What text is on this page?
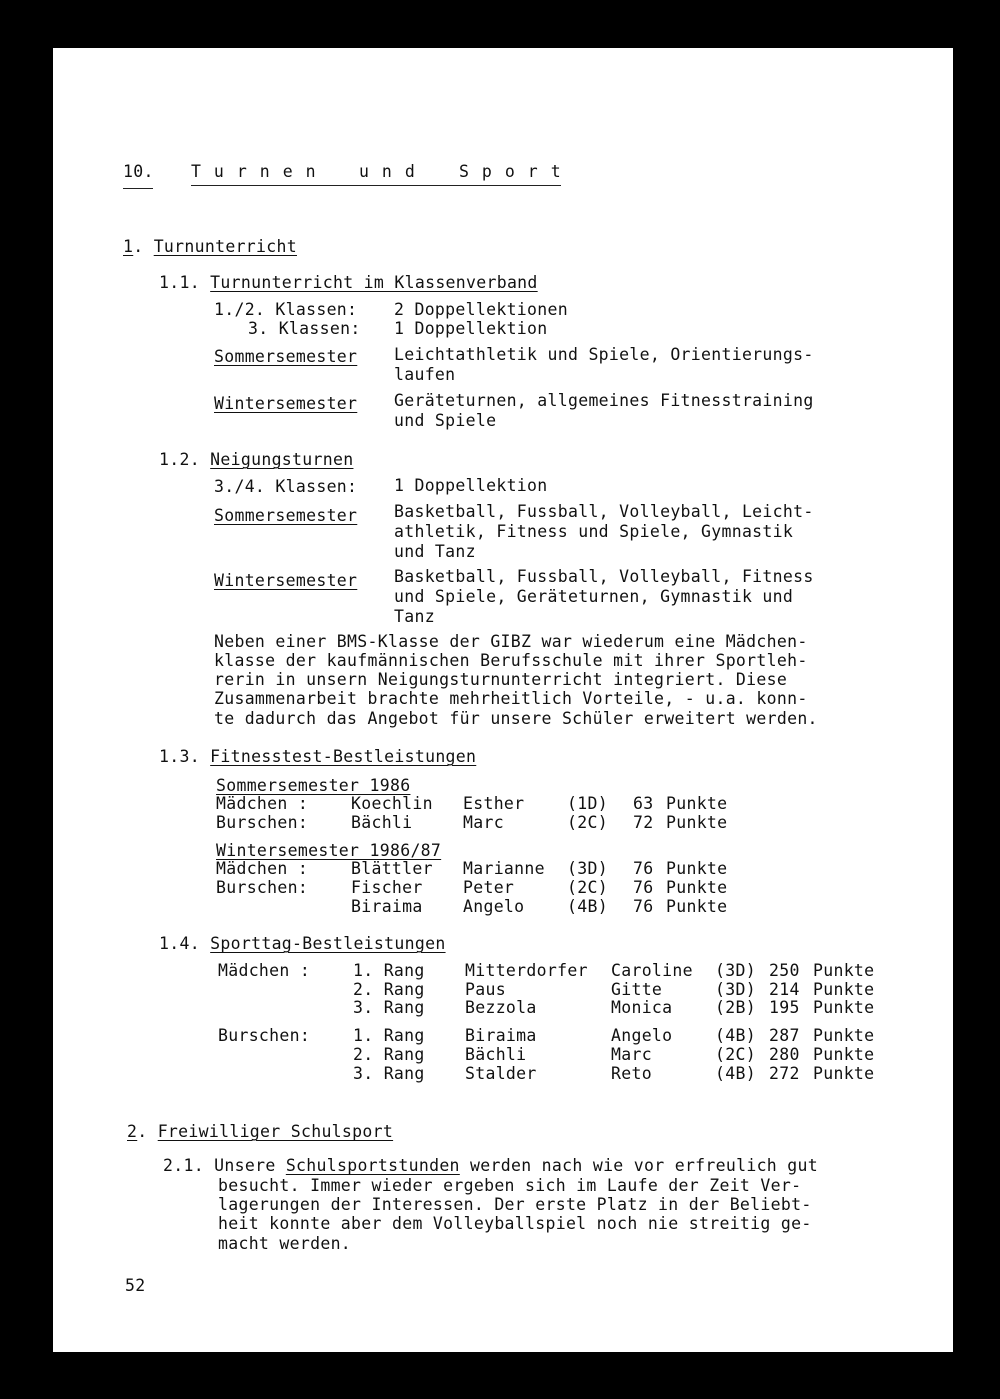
10. Turnen und Sport
1. Turnunterricht
1.1. Turnunterricht im Klassenverband
1./2. Klassen: 2 Doppellektionen
3. Klassen: 1 Doppellektion
Sommersemester Leichtathletik und Spiele, Orientierungs-
laufen
Wintersemester Geräteturnen, allgemeines Fitnesstraining
und Spiele
1.2. Neigungsturnen
3./4. Klassen: 1 Doppellektion
Sommersemester Basketball, Fussball, Volleyball, Leicht-
athletik, Fitness und Spiele, Gymnastik
und Tanz
Wintersemester Basketball, Fussball, Volleyball, Fitness
und Spiele, Geräteturnen, Gymnastik und
Tanz
Neben einer BMS-Klasse der GIBZ war wiederum eine Mädchen-
klasse der kaufmännischen Berufsschule mit ihrer Sportleh-
rerin in unsern Neigungsturnunterricht integriert. Diese
Zusammenarbeit brachte mehrheitlich Vorteile, - u.a. konn-
te dadurch das Angebot für unsere Schüler erweitert werden.
1.3. Fitnesstest-Bestleistungen
Sommersemester 1986
Mädchen :	Koechlin Esther	(1D) 63 Punkte
Burschen:	Bächli	Marc	(2C) 72 Punkte
Wintersemester 1986/87
Mädchen :	Blättler Marianne (3D) 76 Punkte
Burschen:	Fischer Peter	(2C) 76 Punkte
Biraima Angelo	(4B) 76 Punkte
1.4. Sporttag-Bestleistungen
Mädchen :	1. Rang Mitterdorfer Caroline (3D) 250 Punkte
2. Rang Paus	Gitte	(3D) 214 Punkte
3. Rang Bezzola	Monica	(2B) 195 Punkte
Burschen:	1. Rang Biraima	Angelo	(4B) 287 Punkte
2. Rang Bächli	Marc	(2C) 280 Punkte
3. Rang Stalder	Reto	(4B) 272 Punkte
2. Freiwilliger Schulsport
2.1. Unsere Schulsportstunden werden nach wie vor erfreulich gut
besucht. Immer wieder ergeben sich im Laufe der Zeit Ver-
lagerungen der Interessen. Der erste Platz in der Beliebt-
heit konnte aber dem Volleyballspiel noch nie streitig ge-
macht werden.
52
